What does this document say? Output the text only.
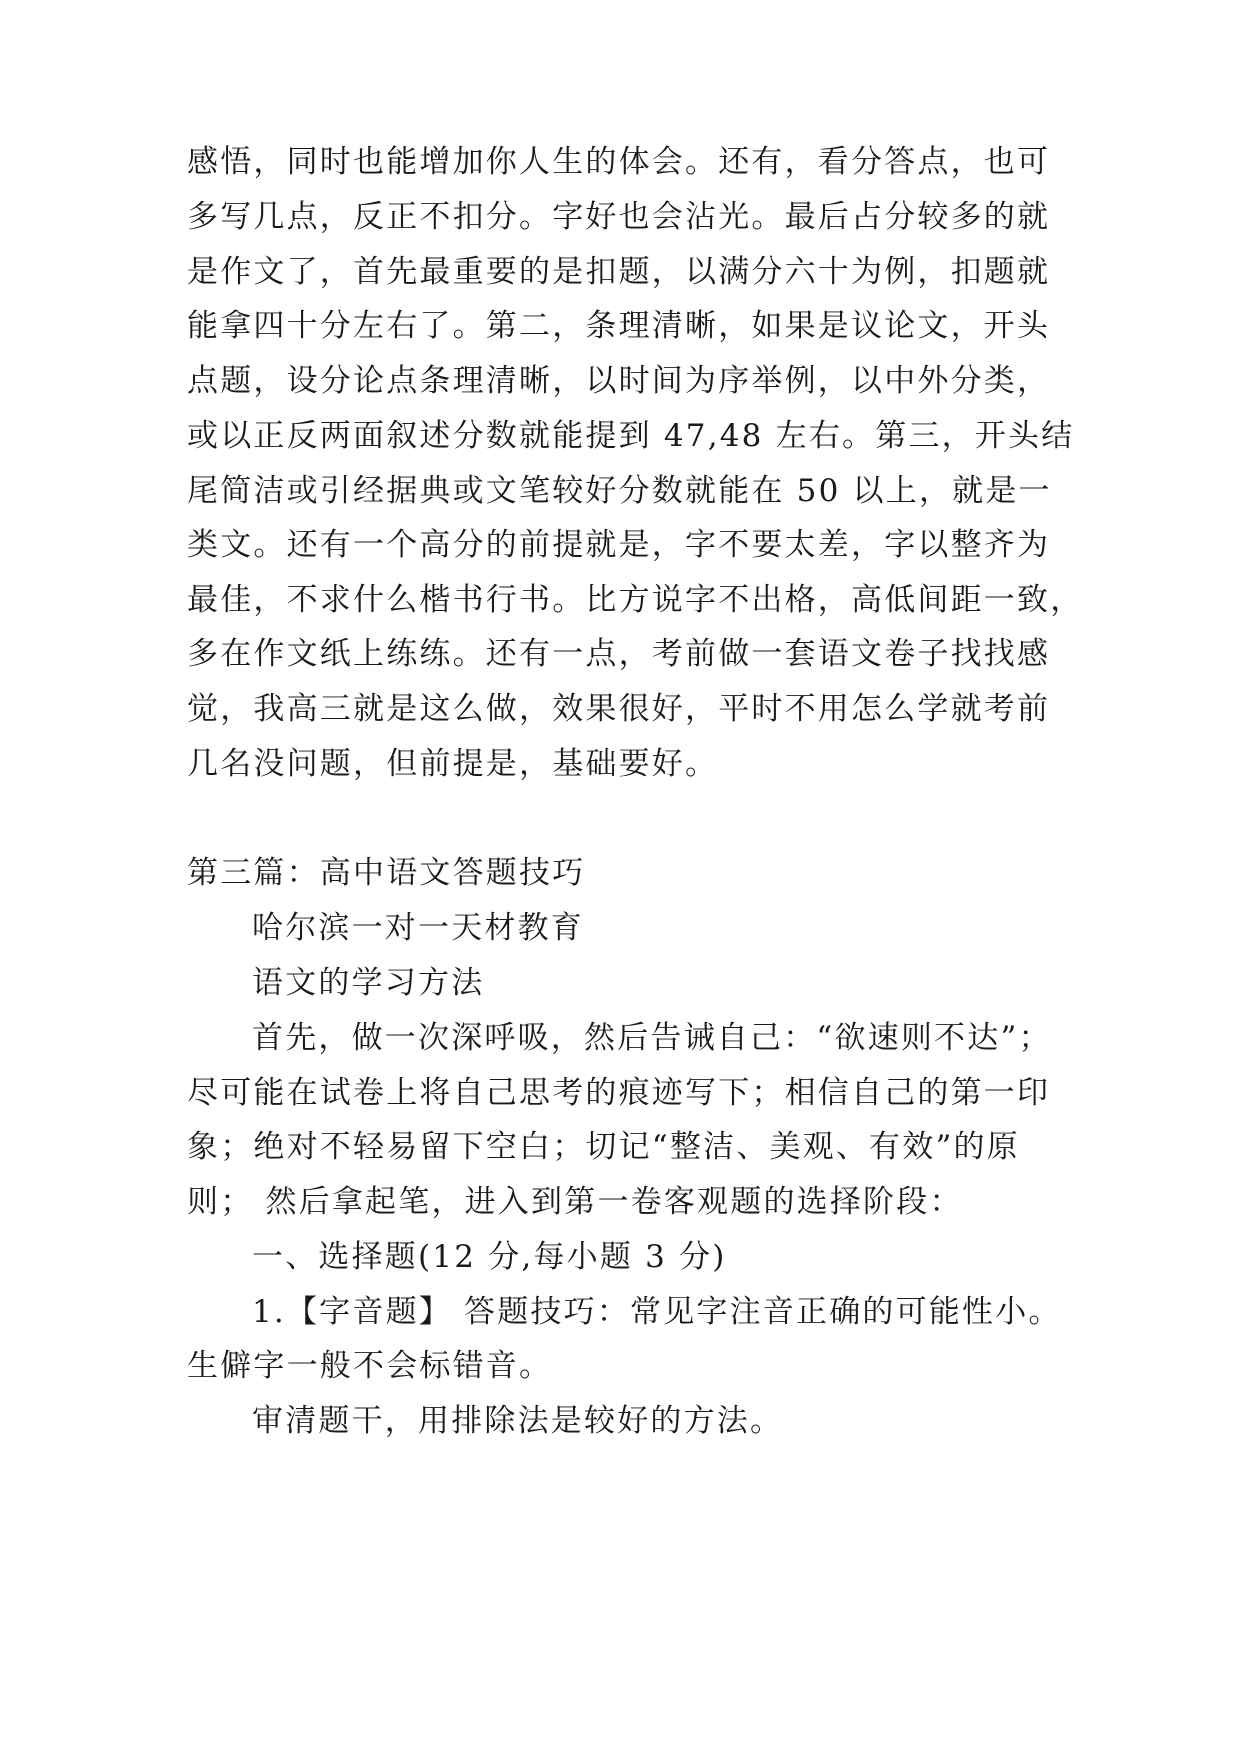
感悟，同时也能增加你人生的体会。还有，看分答点，也可
多写几点，反正不扣分。字好也会沾光。最后占分较多的就
是作文了，首先最重要的是扣题，以满分六十为例，扣题就
能拿四十分左右了。第二，条理清晰，如果是议论文，开头
点题，设分论点条理清晰，以时间为序举例，以中外分类，
或以正反两面叙述分数就能提到 47,48 左右。第三，开头结
尾简洁或引经据典或文笔较好分数就能在 50 以上，就是一
类文。还有一个高分的前提就是，字不要太差，字以整齐为
最佳，不求什么楷书行书。比方说字不出格，高低间距一致，
多在作文纸上练练。还有一点，考前做一套语文卷子找找感
觉，我高三就是这么做，效果很好，平时不用怎么学就考前
几名没问题，但前提是，基础要好。
第三篇：高中语文答题技巧
哈尔滨一对一天材教育
语文的学习方法
首先，做一次深呼吸，然后告诫自己：“欲速则不达”；
尽可能在试卷上将自己思考的痕迹写下；相信自己的第一印
象；绝对不轻易留下空白；切记“整洁、美观、有效”的原
则； 然后拿起笔，进入到第一卷客观题的选择阶段：
一、选择题(12 分,每小题 3 分)
1.【字音题】 答题技巧：常见字注音正确的可能性小。
生僻字一般不会标错音。
审清题干，用排除法是较好的方法。
